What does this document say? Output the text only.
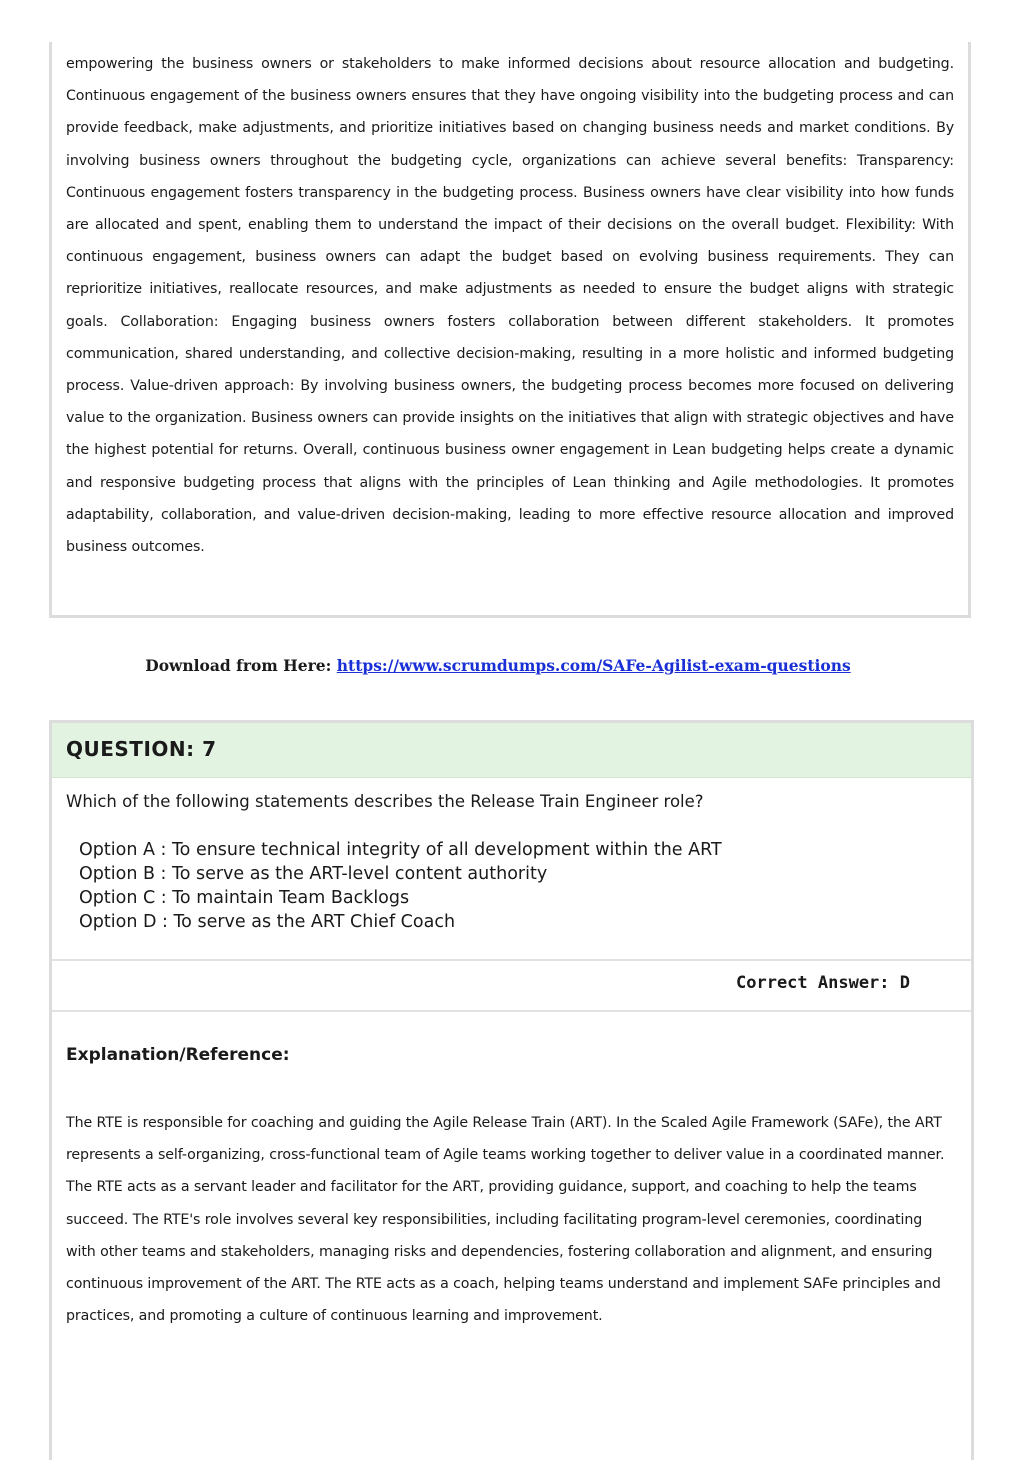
empowering the business owners or stakeholders to make informed decisions about resource allocation and budgeting. Continuous engagement of the business owners ensures that they have ongoing visibility into the budgeting process and can provide feedback, make adjustments, and prioritize initiatives based on changing business needs and market conditions. By involving business owners throughout the budgeting cycle, organizations can achieve several benefits: Transparency: Continuous engagement fosters transparency in the budgeting process. Business owners have clear visibility into how funds are allocated and spent, enabling them to understand the impact of their decisions on the overall budget. Flexibility: With continuous engagement, business owners can adapt the budget based on evolving business requirements. They can reprioritize initiatives, reallocate resources, and make adjustments as needed to ensure the budget aligns with strategic goals. Collaboration: Engaging business owners fosters collaboration between different stakeholders. It promotes communication, shared understanding, and collective decision-making, resulting in a more holistic and informed budgeting process. Value-driven approach: By involving business owners, the budgeting process becomes more focused on delivering value to the organization. Business owners can provide insights on the initiatives that align with strategic objectives and have the highest potential for returns. Overall, continuous business owner engagement in Lean budgeting helps create a dynamic and responsive budgeting process that aligns with the principles of Lean thinking and Agile methodologies. It promotes adaptability, collaboration, and value-driven decision-making, leading to more effective resource allocation and improved business outcomes.

Download from Here: https://www.scrumdumps.com/SAFe-Agilist-exam-questions
QUESTION: 7
Which of the following statements describes the Release Train Engineer role?
Option A : To ensure technical integrity of all development within the ART
Option B : To serve as the ART-level content authority
Option C : To maintain Team Backlogs
Option D : To serve as the ART Chief Coach
Correct Answer: D
Explanation/Reference:

The RTE is responsible for coaching and guiding the Agile Release Train (ART). In the Scaled Agile Framework (SAFe), the ART represents a self-organizing, cross-functional team of Agile teams working together to deliver value in a coordinated manner. The RTE acts as a servant leader and facilitator for the ART, providing guidance, support, and coaching to help the teams succeed. The RTE's role involves several key responsibilities, including facilitating program-level ceremonies, coordinating with other teams and stakeholders, managing risks and dependencies, fostering collaboration and alignment, and ensuring continuous improvement of the ART. The RTE acts as a coach, helping teams understand and implement SAFe principles and practices, and promoting a culture of continuous learning and improvement.
